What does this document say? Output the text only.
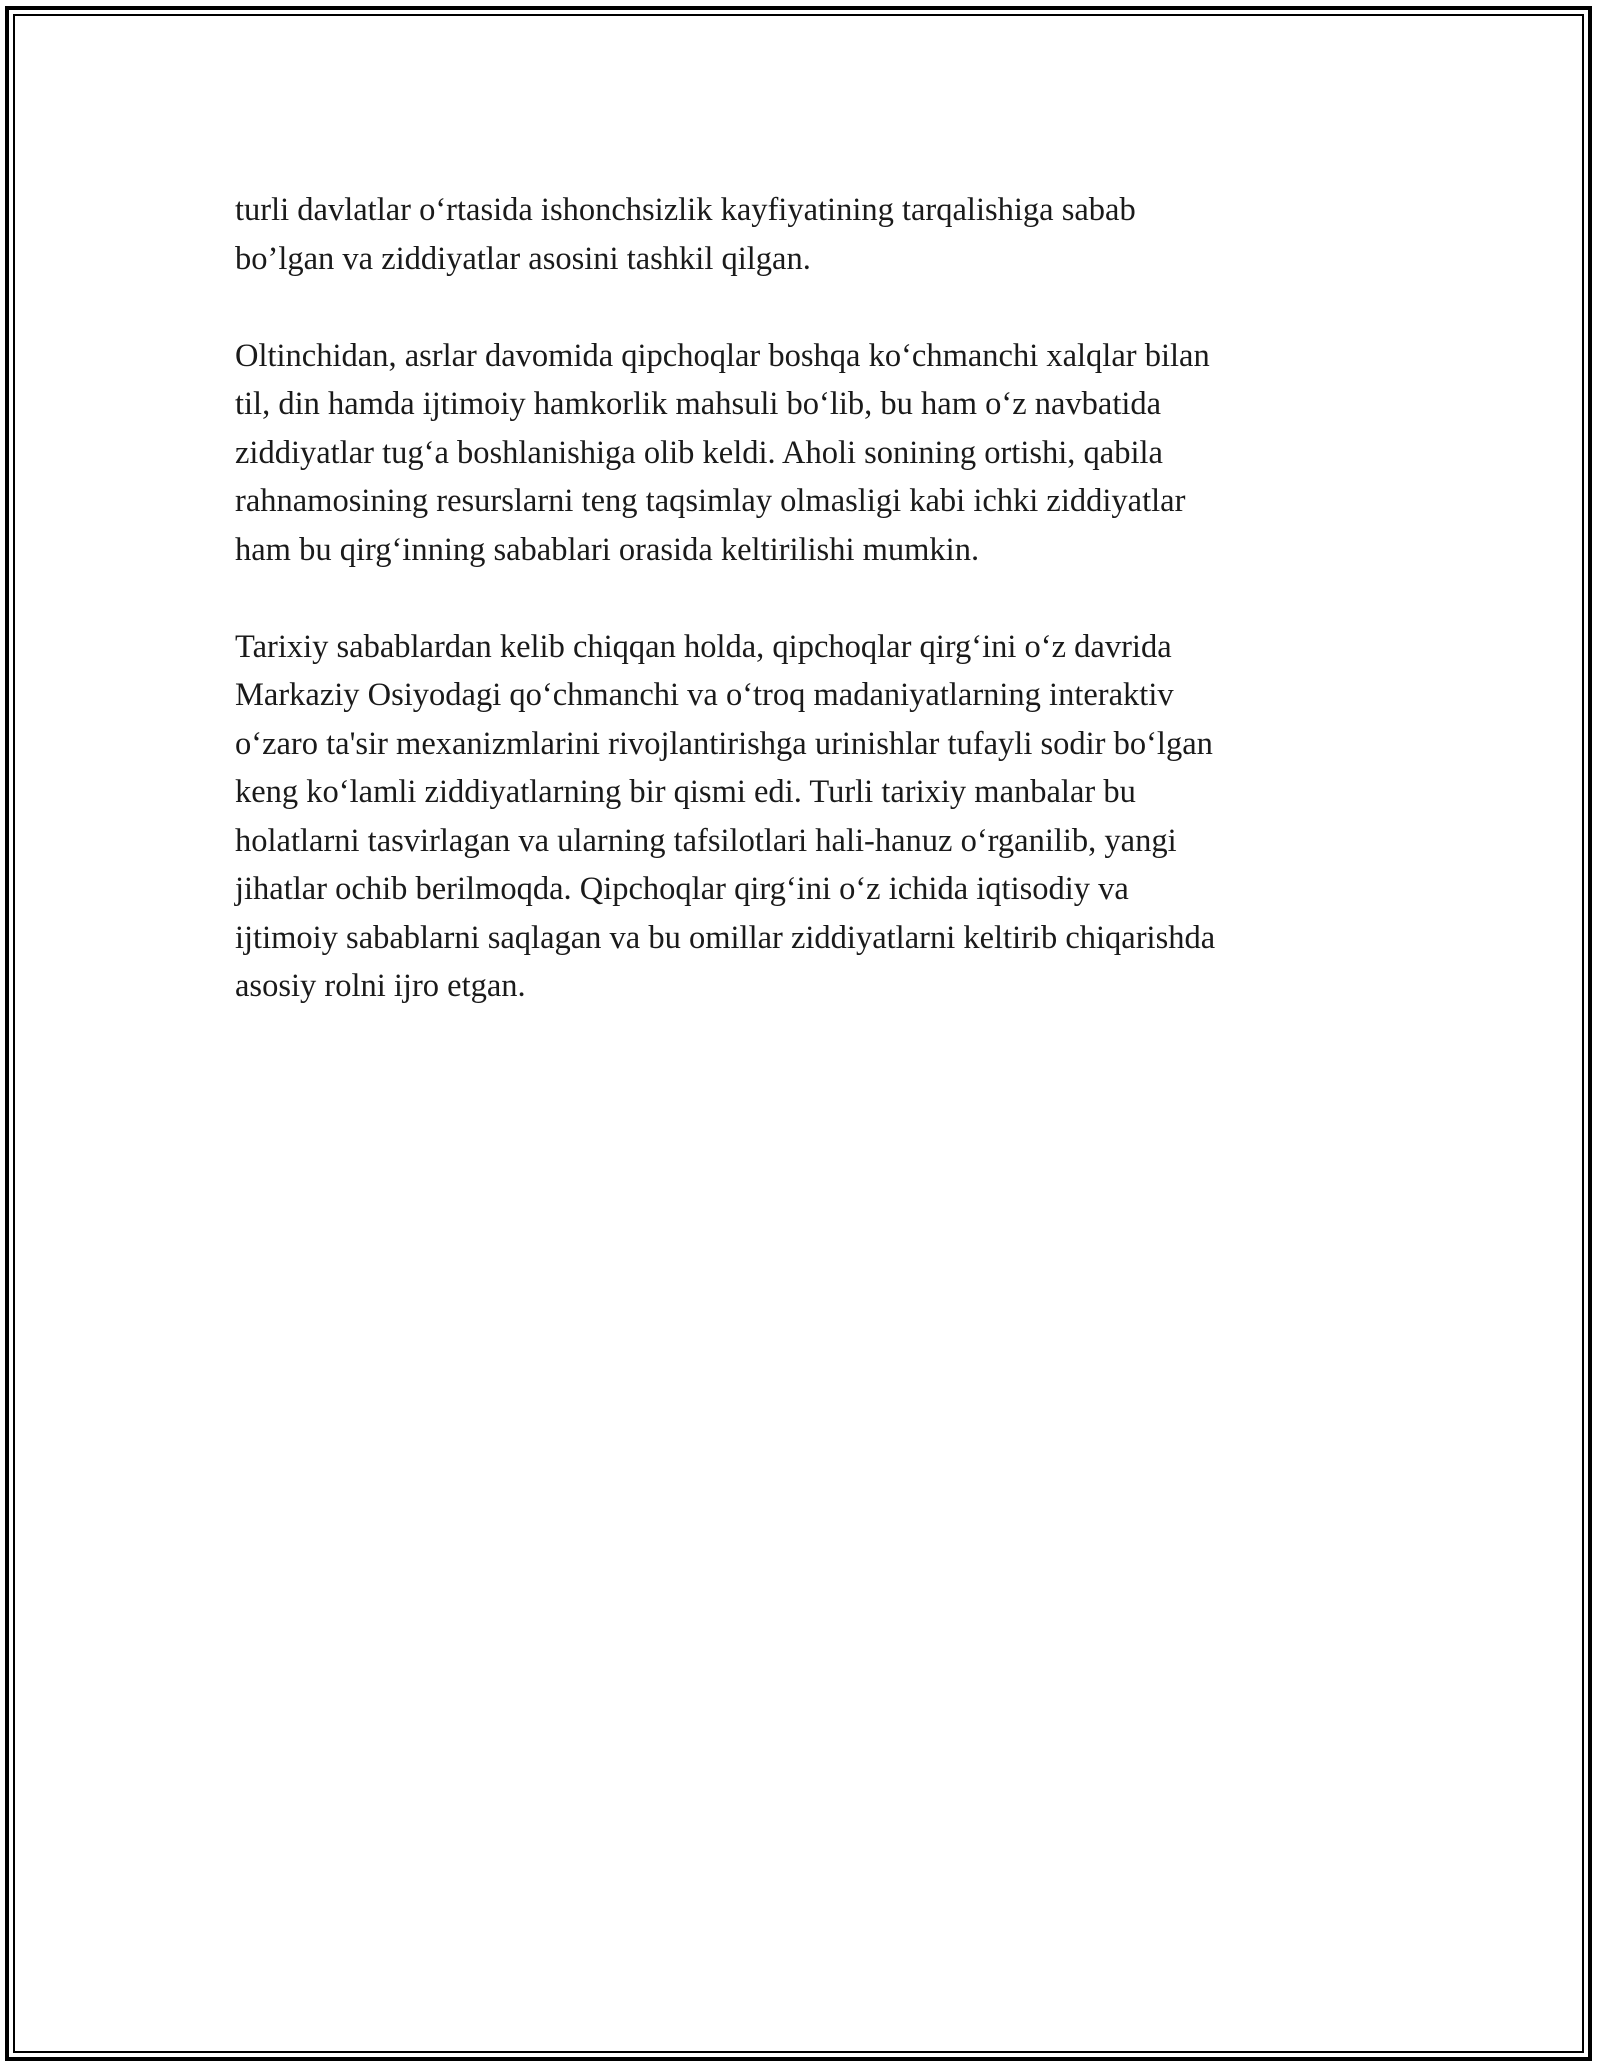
turli davlatlar o‘rtasida ishonchsizlik kayfiyatining tarqalishiga sabab
bo’lgan va ziddiyatlar asosini tashkil qilgan.

Oltinchidan, asrlar davomida qipchoqlar boshqa ko‘chmanchi xalqlar bilan
til, din hamda ijtimoiy hamkorlik mahsuli bo‘lib, bu ham o‘z navbatida
ziddiyatlar tug‘a boshlanishiga olib keldi. Aholi sonining ortishi, qabila
rahnamosining resurslarni teng taqsimlay olmasligi kabi ichki ziddiyatlar
ham bu qirg‘inning sabablari orasida keltirilishi mumkin.

Tarixiy sabablardan kelib chiqqan holda, qipchoqlar qirg‘ini o‘z davrida
Markaziy Osiyodagi qo‘chmanchi va o‘troq madaniyatlarning interaktiv
o‘zaro ta'sir mexanizmlarini rivojlantirishga urinishlar tufayli sodir bo‘lgan
keng ko‘lamli ziddiyatlarning bir qismi edi. Turli tarixiy manbalar bu
holatlarni tasvirlagan va ularning tafsilotlari hali-hanuz o‘rganilib, yangi
jihatlar ochib berilmoqda. Qipchoqlar qirg‘ini o‘z ichida iqtisodiy va
ijtimoiy sabablarni saqlagan va bu omillar ziddiyatlarni keltirib chiqarishda
asosiy rolni ijro etgan.
